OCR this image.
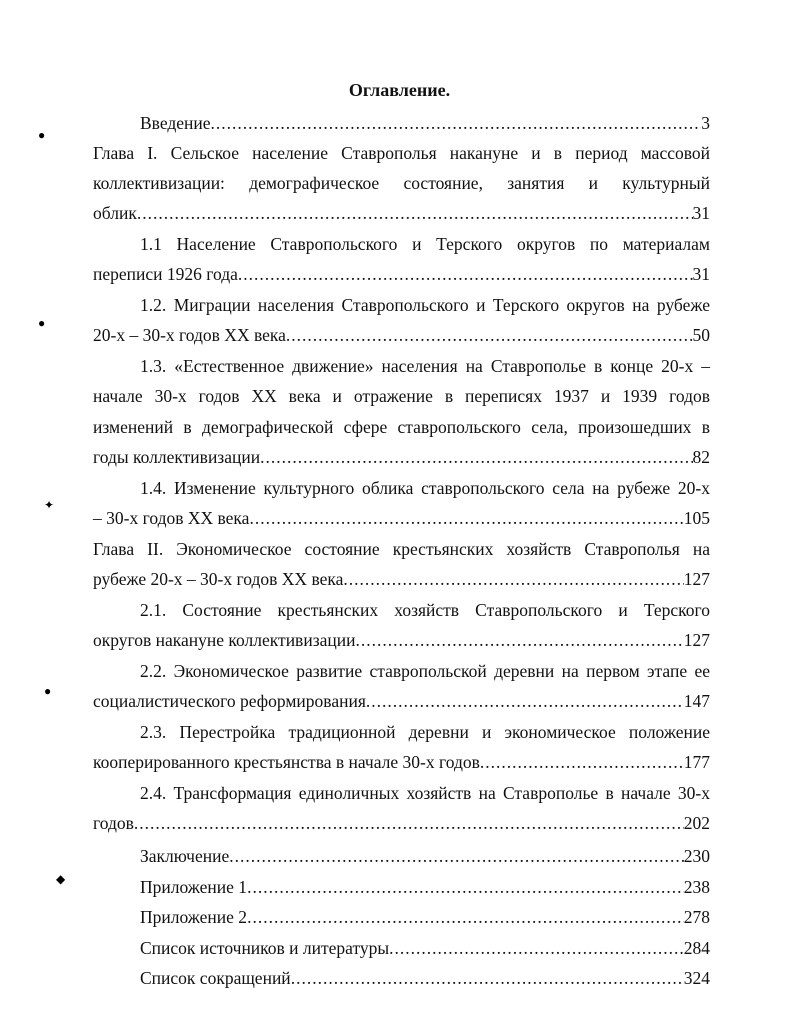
●
●
✦
●
◆
Оглавление.
Введение .....	3
Глава I. Сельское население Ставрополья накануне и в период массовой
коллективизации: демографическое состояние, занятия и культурный
облик .....	31
1.1 Население Ставропольского и Терского округов по материалам
переписи 1926 года .....	31
1.2. Миграции населения Ставропольского и Терского округов на рубеже
20-х – 30-х годов XX века .....	50
1.3. «Естественное движение» населения на Ставрополье в конце 20-х –
начале 30-х годов XX века и отражение в переписях 1937 и 1939 годов
изменений в демографической сфере ставропольского села, произошедших в
годы коллективизации .....	82
1.4. Изменение культурного облика ставропольского села на рубеже 20-х
– 30-х годов XX века .....	105
Глава II. Экономическое состояние крестьянских хозяйств Ставрополья на
рубеже 20-х – 30-х годов XX века .....	127
2.1. Состояние крестьянских хозяйств Ставропольского и Терского
округов накануне коллективизации .....	127
2.2. Экономическое развитие ставропольской деревни на первом этапе ее
социалистического реформирования .....	147
2.3. Перестройка традиционной деревни и экономическое положение
кооперированного крестьянства в начале 30-х годов .....	177
2.4. Трансформация единоличных хозяйств на Ставрополье в начале 30-х
годов .....	202
Заключение .....	230
Приложение 1 .....	238
Приложение 2 .....	278
Список источников и литературы .....	284
Список сокращений .....	324
